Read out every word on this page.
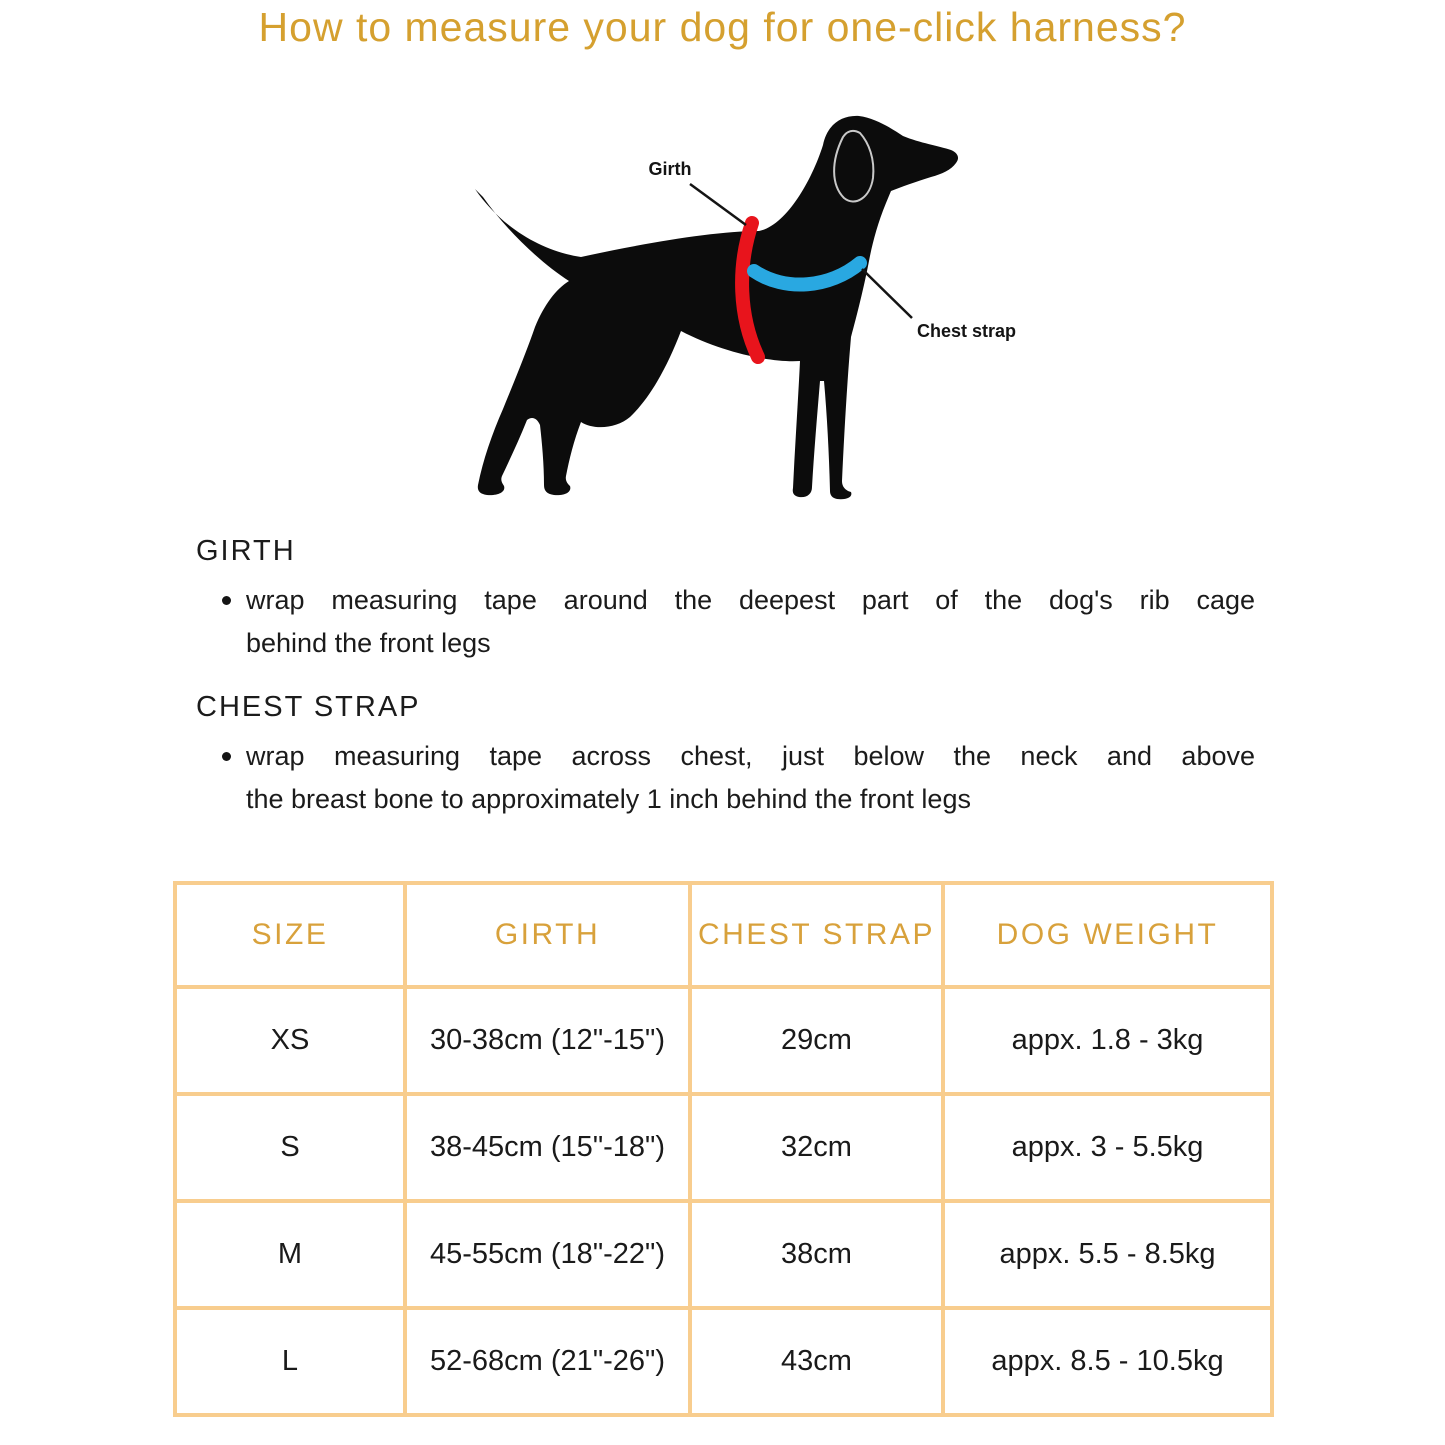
How to measure your dog for one-click harness?
Girth
Chest strap
GIRTH
wrap measuring tape around the deepest part of the dog's rib cage
behind the front legs
CHEST STRAP
wrap measuring tape across chest, just below the neck and above
the breast bone to approximately 1 inch behind the front legs
SIZE	GIRTH	CHEST STRAP	DOG WEIGHT
XS	30-38cm (12"-15")	29cm	appx. 1.8 - 3kg
S	38-45cm (15"-18")	32cm	appx. 3 - 5.5kg
M	45-55cm (18"-22")	38cm	appx. 5.5 - 8.5kg
L	52-68cm (21"-26")	43cm	appx. 8.5 - 10.5kg
